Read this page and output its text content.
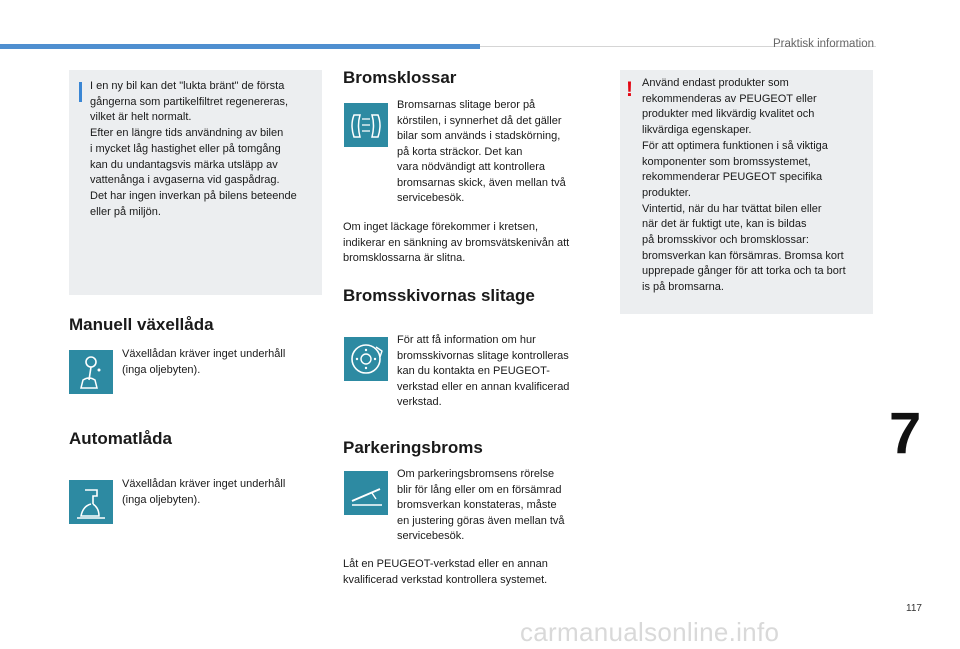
Praktisk information
I en ny bil kan det "lukta bränt" de första
gångerna som partikelfiltret regenereras,
vilket är helt normalt.
Efter en längre tids användning av bilen
i mycket låg hastighet eller på tomgång
kan du undantagsvis märka utsläpp av
vattenånga i avgaserna vid gaspådrag.
Det har ingen inverkan på bilens beteende
eller på miljön.
Manuell växellåda
Växellådan kräver inget underhåll
(inga oljebyten).
Automatlåda
Växellådan kräver inget underhåll
(inga oljebyten).
Bromsklossar
Bromsarnas slitage beror på
körstilen, i synnerhet då det gäller
bilar som används i stadskörning,
på korta sträckor. Det kan
vara nödvändigt att kontrollera
bromsarnas skick, även mellan två
servicebesök.
Om inget läckage förekommer i kretsen,
indikerar en sänkning av bromsvätskenivån att
bromsklossarna är slitna.
Bromsskivornas slitage
För att få information om hur
bromsskivornas slitage kontrolleras
kan du kontakta en PEUGEOT-
verkstad eller en annan kvalificerad
verkstad.
Parkeringsbroms
Om parkeringsbromsens rörelse
blir för lång eller om en försämrad
bromsverkan konstateras, måste
en justering göras även mellan två
servicebesök.
Låt en PEUGEOT-verkstad eller en annan
kvalificerad verkstad kontrollera systemet.
! Använd endast produkter som
rekommenderas av PEUGEOT eller
produkter med likvärdig kvalitet och
likvärdiga egenskaper.
För att optimera funktionen i så viktiga
komponenter som bromssystemet,
rekommenderar PEUGEOT specifika
produkter.
Vintertid, när du har tvättat bilen eller
när det är fuktigt ute, kan is bildas
på bromsskivor och bromsklossar:
bromsverkan kan försämras. Bromsa kort
upprepade gånger för att torka och ta bort
is på bromsarna.
7
117
carmanualsonline.info
